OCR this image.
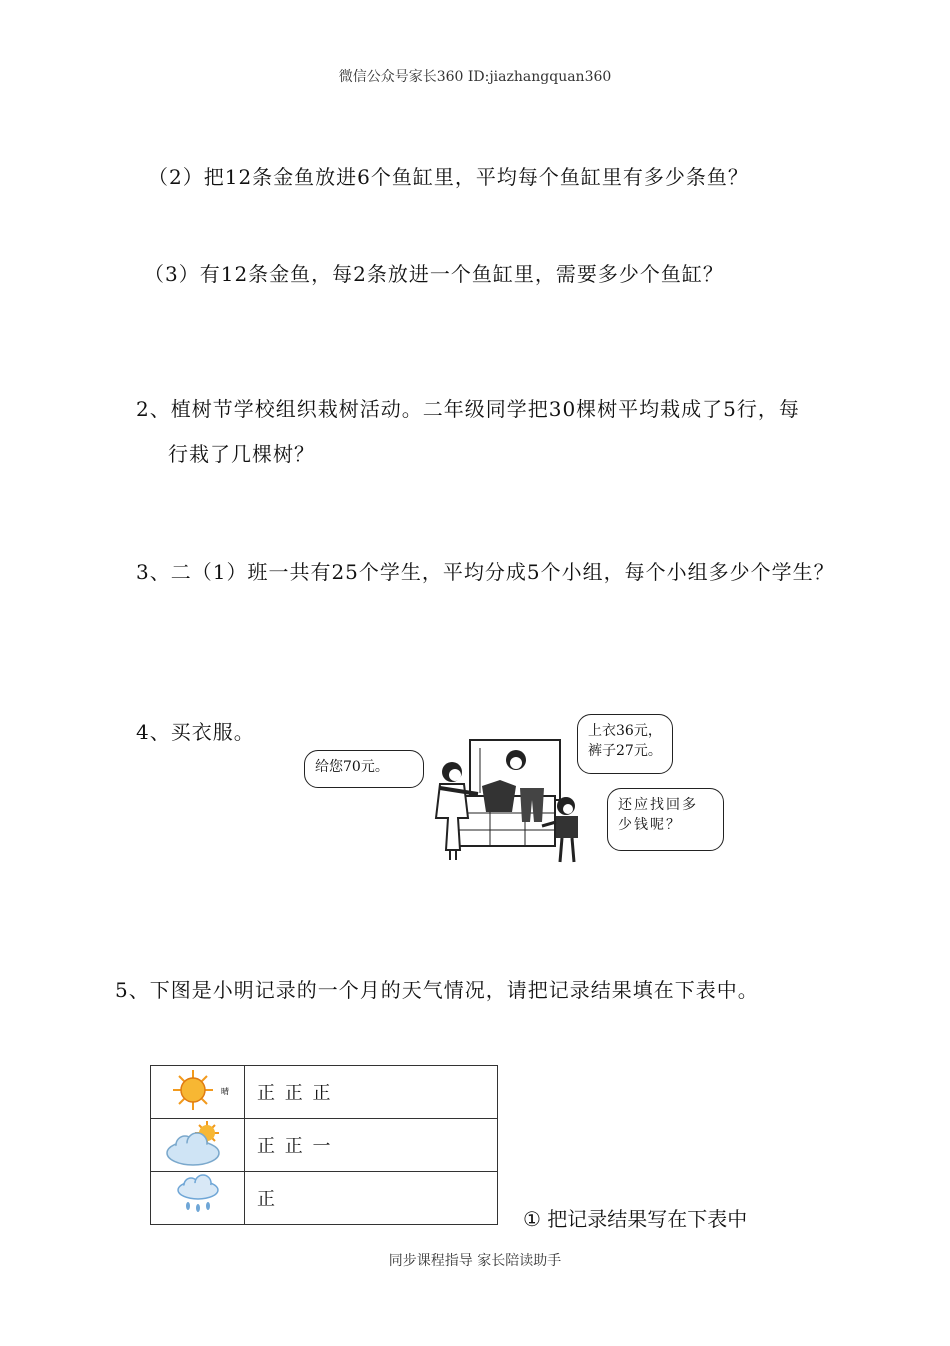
微信公众号家长360 ID:jiazhangquan360
（2）把12条金鱼放进6个鱼缸里，平均每个鱼缸里有多少条鱼？
（3）有12条金鱼，每2条放进一个鱼缸里，需要多少个鱼缸？
2、植树节学校组织栽树活动。二年级同学把30棵树平均栽成了5行，每
行栽了几棵树？
3、二（1）班一共有25个学生，平均分成5个小组，每个小组多少个学生？
4、买衣服。
给您70元。
上衣36元，
裤子27元。
还应找回多
少钱呢？
5、下图是小明记录的一个月的天气情况，请把记录结果填在下表中。
晴	正 正 正
	正 正 一
	正
① 把记录结果写在下表中
同步课程指导 家长陪读助手
